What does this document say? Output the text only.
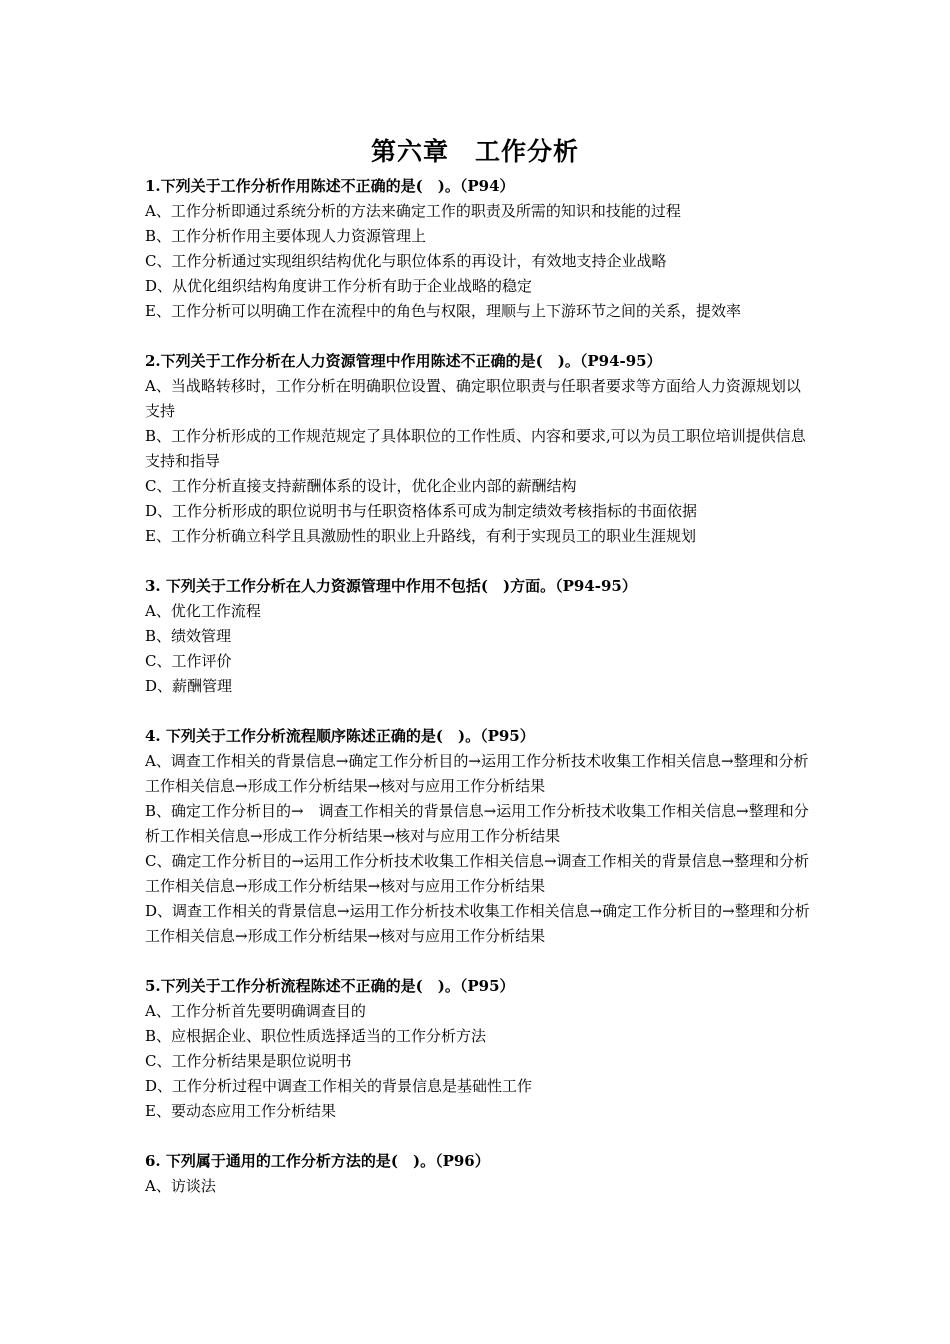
第六章　工作分析
1.下列关于工作分析作用陈述不正确的是(　)。（P94）
A、工作分析即通过系统分析的方法来确定工作的职责及所需的知识和技能的过程
B、工作分析作用主要体现人力资源管理上
C、工作分析通过实现组织结构优化与职位体系的再设计，有效地支持企业战略
D、从优化组织结构角度讲工作分析有助于企业战略的稳定
E、工作分析可以明确工作在流程中的角色与权限，理顺与上下游环节之间的关系，提效率
2.下列关于工作分析在人力资源管理中作用陈述不正确的是(　)。（P94-95）
A、当战略转移时，工作分析在明确职位设置、确定职位职责与任职者要求等方面给人力资源规划以支持
B、工作分析形成的工作规范规定了具体职位的工作性质、内容和要求,可以为员工职位培训提供信息支持和指导
C、工作分析直接支持薪酬体系的设计，优化企业内部的薪酬结构
D、工作分析形成的职位说明书与任职资格体系可成为制定绩效考核指标的书面依据
E、工作分析确立科学且具激励性的职业上升路线，有利于实现员工的职业生涯规划
3. 下列关于工作分析在人力资源管理中作用不包括(　)方面。（P94-95）
A、优化工作流程
B、绩效管理
C、工作评价
D、薪酬管理
4. 下列关于工作分析流程顺序陈述正确的是(　)。（P95）
A、调查工作相关的背景信息→确定工作分析目的→运用工作分析技术收集工作相关信息→整理和分析工作相关信息→形成工作分析结果→核对与应用工作分析结果
B、确定工作分析目的→　调查工作相关的背景信息→运用工作分析技术收集工作相关信息→整理和分析工作相关信息→形成工作分析结果→核对与应用工作分析结果
C、确定工作分析目的→运用工作分析技术收集工作相关信息→调查工作相关的背景信息→整理和分析工作相关信息→形成工作分析结果→核对与应用工作分析结果
D、调查工作相关的背景信息→运用工作分析技术收集工作相关信息→确定工作分析目的→整理和分析工作相关信息→形成工作分析结果→核对与应用工作分析结果
5.下列关于工作分析流程陈述不正确的是(　)。（P95）
A、工作分析首先要明确调查目的
B、应根据企业、职位性质选择适当的工作分析方法
C、工作分析结果是职位说明书
D、工作分析过程中调查工作相关的背景信息是基础性工作
E、要动态应用工作分析结果
6. 下列属于通用的工作分析方法的是(　)。（P96）
A、访谈法
